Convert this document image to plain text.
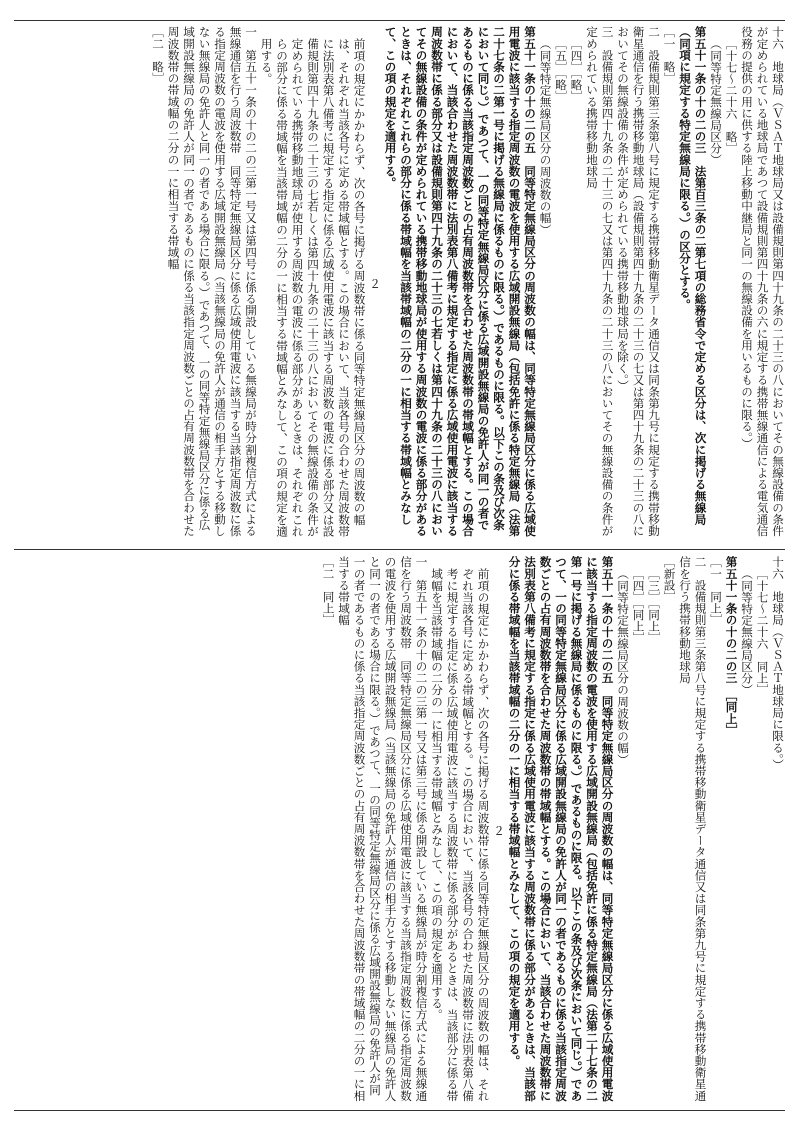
十六　地球局（ＶＳＡＴ地球局又は設備規則第四十九条の二十三の八においてその無線設備の条件が定められている地球局であつて設備規則第四十九条の六に規定する携帯無線通信による電気通信役務の提供の用に供する陸上移動中継局と同一の無線設備を用いるものに限る。）

［十七～二十六　略］

（同等特定無線局区分）

第五十一条の十の二の三　法第百三条の二第七項の総務省令で定める区分は、次に掲げる無線局（同項に規定する特定無線局に限る。）の区分とする。

［一　略］

二　設備規則第三条第八号に規定する携帯移動衛星データ通信又は同条第九号に規定する携帯移動衛星通信を行う携帯移動地球局（設備規則第四十九条の二十三の七又は第四十九条の二十三の八においてその無線設備の条件が定められている携帯移動地球局を除く。）

三　設備規則第四十九条の二十三の七又は第四十九条の二十三の八においてその無線設備の条件が定められている携帯移動地球局

［四］［略］

［五］［略］

（同等特定無線局区分の周波数の幅）

第五十一条の十の二の五　同等特定無線局区分の周波数の幅は、同等特定無線局区分に係る広域使用電波に該当する指定周波数の電波を使用する広域開設無線局（包括免許に係る特定無線局（法第二十七条の二第一号に掲げる無線局に係るものに限る。）であるものに限る。以下この条及び次条において同じ。）であつて、一の同等特定無線局区分に係る広域開設無線局の免許人が同一の者であるものに係る当該指定周波数ごとの占有周波数帯を合わせた周波数帯の帯域幅とする。この場合において、当該合わせた周波数帯に法別表第八備考に規定する指定に係る広域使用電波に該当する周波数帯に係る部分又は設備規則第四十九条の二十三の七若しくは第四十九条の二十三の八においてその無線設備の条件が定められている携帯移動地球局が使用する周波数の電波に係る部分があるときは、それぞれこれらの部分に係る帯域幅を当該帯域幅の二分の一に相当する帯域幅とみなして、この項の規定を適用する。

２

前項の規定にかかわらず、次の各号に掲げる周波数帯に係る同等特定無線局区分の周波数の幅は、それぞれ当該各号に定める帯域幅とする。この場合において、当該各号の合わせた周波数帯に法別表第八備考に規定する指定に係る広域使用電波に該当する周波数の電波に係る部分又は設備規則第四十九条の二十三の七若しくは第四十九条の二十三の八においてその無線設備の条件が定められている携帯移動地球局が使用する周波数の電波に係る部分があるときは、それぞれこれらの部分に係る帯域幅を当該帯域幅の二分の一に相当する帯域幅とみなして、この項の規定を適用する。

一　第五十一条の十の二の三第一号又は第四号に係る開設している無線局が時分割複信方式による無線通信を行う周波数帯　同等特定無線局区分に係る広域使用電波に該当する当該指定周波数に係る指定周波数の電波を使用する広域開設無線局（当該無線局の免許人が通信の相手方とする移動しない無線局の免許人と同一の者である場合に限る。）であつて、一の同等特定無線局区分に係る広域開設無線局の免許人が同一の者であるものに係る当該指定周波数ごとの占有周波数帯を合わせた周波数帯の帯域幅の二分の一に相当する帯域幅

［二　略］

十六　地球局（ＶＳＡＴ地球局に限る。）

［十七～二十六　同上］

（同等特定無線局区分）

第五十一条の十の二の三　［同上］

［一　同上］

二　設備規則第三条第八号に規定する携帯移動衛星データ通信又は同条第九号に規定する携帯移動衛星通信を行う携帯移動地球局

［新設］

［三］［同上］

［四］［同上］

（同等特定無線局区分の周波数の幅）

第五十一条の十の二の五　同等特定無線局区分の周波数の幅は、同等特定無線局区分に係る広域使用電波に該当する指定周波数の電波を使用する広域開設無線局（包括免許に係る特定無線局（法第二十七条の二第一号に掲げる無線局に係るものに限る。）であるものに限る。以下この条及び次条において同じ。）であつて、一の同等特定無線局区分に係る広域開設無線局の免許人が同一の者であるものに係る当該指定周波数ごとの占有周波数帯を合わせた周波数帯の帯域幅とする。この場合において、当該合わせた周波数帯に法別表第八備考に規定する指定に係る広域使用電波に該当する周波数帯に係る部分があるときは、当該部分に係る帯域幅を当該帯域幅の二分の一に相当する帯域幅とみなして、この項の規定を適用する。

２

前項の規定にかかわらず、次の各号に掲げる周波数帯に係る同等特定無線局区分の周波数の幅は、それぞれ当該各号に定める帯域幅とする。この場合において、当該各号の合わせた周波数帯に法別表第八備考に規定する指定に係る広域使用電波に該当する周波数帯に係る部分があるときは、当該部分に係る帯域幅を当該帯域幅の二分の一に相当する帯域幅とみなして、この項の規定を適用する。

一　第五十一条の十の二の三第一号又は第三号に係る開設している無線局が時分割複信方式による無線通信を行う周波数帯　同等特定無線局区分に係る広域使用電波に該当する当該指定周波数に係る指定周波数の電波を使用する広域開設無線局（当該無線局の免許人が通信の相手方とする移動しない無線局の免許人と同一の者である場合に限る。）であつて、一の同等特定無線局区分に係る広域開設無線局の免許人が同一の者であるものに係る当該指定周波数ごとの占有周波数帯を合わせた周波数帯の帯域幅の二分の一に相当する帯域幅

［二　同上］
